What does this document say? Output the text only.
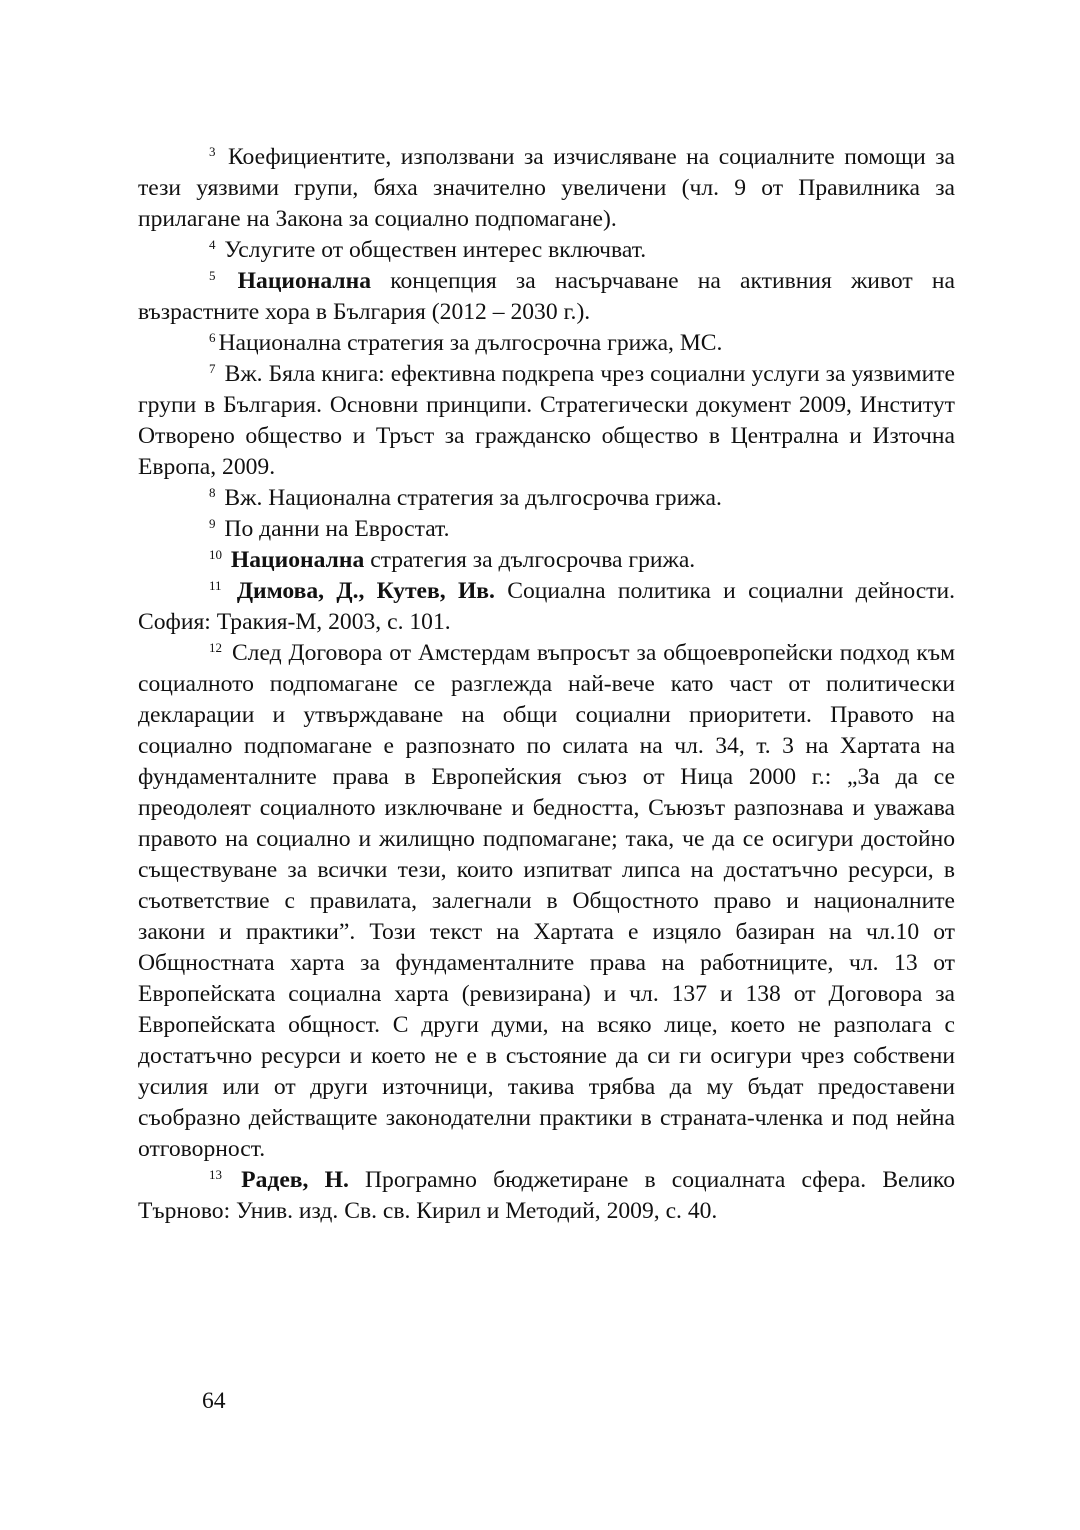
$^3$ Коефициентите, използвани за изчисляване на социалните помощи за тези уязвими групи, бяха значително увеличени (чл. 9 от Правилника за прилагане на Закона за социално подпомагане).

$^4$ Услугите от обществен интерес включват.

$^5$ Национална концепция за насърчаване на активния живот на възрастните хора в България (2012 – 2030 г.).

$^6$ Национална стратегия за дългосрочна грижа, МС.

$^7$ Вж. Бяла книга: ефективна подкрепа чрез социални услуги за уязвимите групи в България. Основни принципи. Стратегически документ 2009, Институт Отворено общество и Тръст за гражданско общество в Централна и Източна Европа, 2009.

$^8$ Вж. Национална стратегия за дългосрочва грижа.

$^9$ По данни на Евростат.

$^{10}$ Национална стратегия за дългосрочва грижа.

$^{11}$ Димова, Д., Кутев, Ив. Социална политика и социални дейности. София: Тракия-М, 2003, с. 101.

$^{12}$ След Договора от Амстердам въпросът за общоевропейски подход към социалното подпомагане се разглежда най-вече като част от политически декларации и утвърждаване на общи социални приоритети. Правото на социално подпомагане е разпознато по силата на чл. 34, т. 3 на Хартата на фундаменталните права в Европейския съюз от Ница 2000 г.: „За да се преодолеят социалното изключване и бедността, Съюзът разпознава и уважава правото на социално и жилищно подпомагане; така, че да се осигури достойно съществуване за всички тези, които изпитват липса на достатъчно ресурси, в съответствие с правилата, залегнали в Общостното право и националните закони и практики”. Този текст на Хартата е изцяло базиран на чл.10 от Общностната харта за фундаменталните права на работниците, чл. 13 от Европейската социална харта (ревизирана) и чл. 137 и 138 от Договора за Европейската общност. С други думи, на всяко лице, което не разполага с достатъчно ресурси и което не е в състояние да си ги осигури чрез собствени усилия или от други източници, такива трябва да му бъдат предоставени съобразно действащите законодателни практики в страната-членка и под нейна отговорност.

$^{13}$ Радев, Н. Програмно бюджетиране в социалната сфера. Велико Търново: Унив. изд. Св. св. Кирил и Методий, 2009, с. 40.

64
